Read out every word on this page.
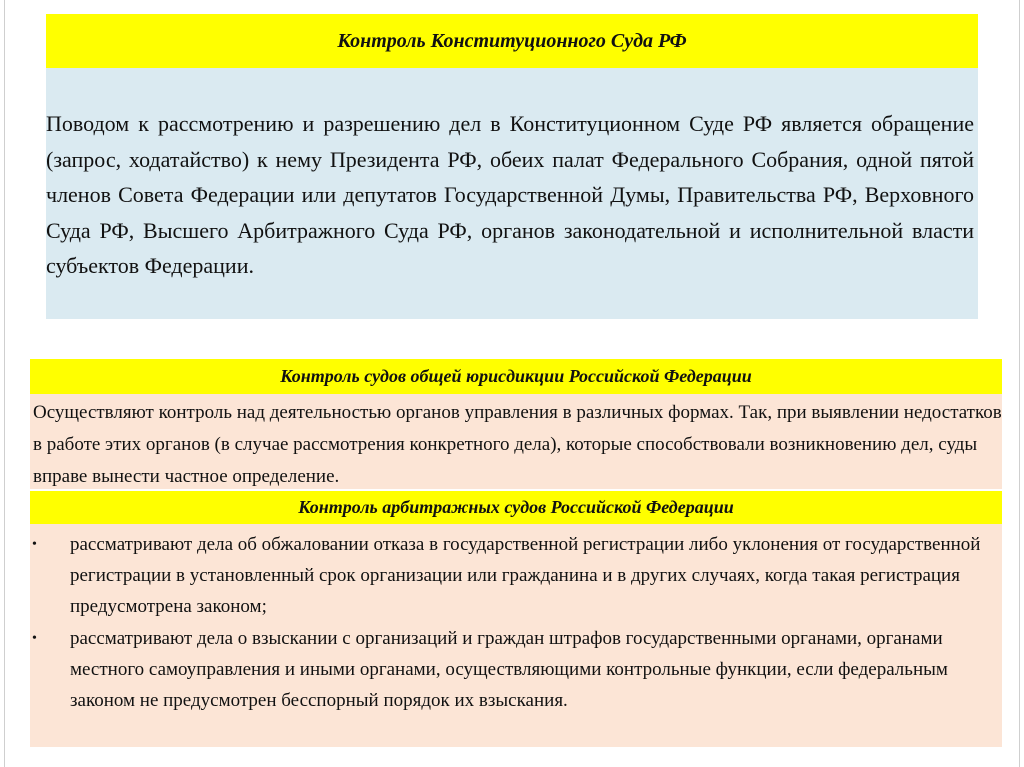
Контроль Конституционного Суда РФ
Поводом к рассмотрению и разрешению дел в Конституционном Суде РФ является обращение (запрос, ходатайство) к нему Президента РФ, обеих палат Федерального Собрания, одной пятой членов Совета Федерации или депутатов Государственной Думы, Правительства РФ, Верховного Суда РФ, Высшего Арбитражного Суда РФ, органов законодательной и исполнительной власти субъектов Федерации.
Контроль судов общей юрисдикции Российской Федерации
Осуществляют контроль над деятельностью органов управления в различных формах. Так, при выявлении недостатков в работе этих органов (в случае рассмотрения конкретного дела), которые способствовали возникновению дел, суды вправе вынести частное определение.
Контроль арбитражных судов Российской Федерации
• рассматривают дела об обжаловании отказа в государственной регистрации либо уклонения от государственной регистрации в установленный срок организации или гражданина и в других случаях, когда такая регистрация предусмотрена законом;
• рассматривают дела о взыскании с организаций и граждан штрафов государственными органами, органами местного самоуправления и иными органами, осуществляющими контрольные функции, если федеральным законом не предусмотрен бесспорный порядок их взыскания.
